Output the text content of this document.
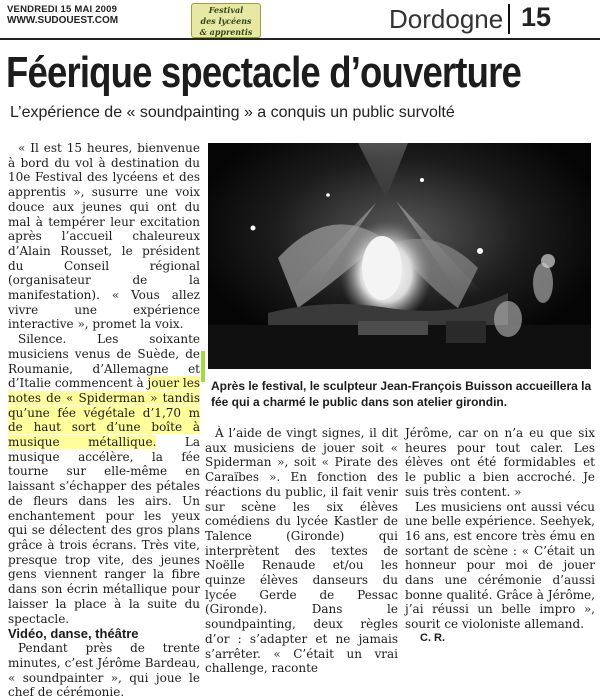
VENDREDI 15 MAI 2009
WWW.SUDOUEST.COM
Festival
des lycéens
& apprentis	Dordogne 15
Féerique spectacle d’ouverture
L’expérience de « soundpainting » a conquis un public survolté

« Il est 15 heures, bienvenue à bord du vol à destination du 10e Festival des lycéens et des apprentis », susurre une voix douce aux jeunes qui ont du mal à tempérer leur excitation après l’accueil chaleureux d’Alain Rousset, le président du Conseil régional (organisateur de la manifestation). « Vous allez vivre une expérience interactive », promet la voix.

Silence. Les soixante musiciens venus de Suède, de Roumanie, d’Allemagne et d’Italie commencent à jouer les notes de « Spiderman » tandis qu’une fée végétale d’1,70 m de haut sort d’une boîte à musique métallique. La musique accélère, la fée tourne sur elle-même en laissant s’échapper des pétales de fleurs dans les airs. Un enchantement pour les yeux qui se délectent des gros plans grâce à trois écrans. Très vite, presque trop vite, des jeunes gens viennent ranger la fibre dans son écrin métallique pour laisser la place à la suite du spectacle.

Vidéo, danse, théâtre

Pendant près de trente minutes, c’est Jérôme Bardeau, « soundpainter », qui joue le chef de cérémonie.

Après le festival, le sculpteur Jean-François Buisson accueillera la fée qui a charmé le public dans son atelier girondin.

À l’aide de vingt signes, il dit aux musiciens de jouer soit « Spiderman », soit « Pirate des Caraïbes ». En fonction des réactions du public, il fait venir sur scène les six élèves comédiens du lycée Kastler de Talence (Gironde) qui interprètent des textes de Noëlle Renaude et/ou les quinze élèves danseurs du lycée Gerde de Pessac (Gironde). Dans le soundpainting, deux règles d’or : s’adapter et ne jamais s’arrêter. « C’était un vrai challenge, raconte

Jérôme, car on n’a eu que six heures pour tout caler. Les élèves ont été formidables et le public a bien accroché. Je suis très content. »

Les musiciens ont aussi vécu une belle expérience. Seehyek, 16 ans, est encore très ému en sortant de scène : « C’était un honneur pour moi de jouer dans une cérémonie d’aussi bonne qualité. Grâce à Jérôme, j’ai réussi un belle impro », sourit ce violoniste allemand.

C. R.
